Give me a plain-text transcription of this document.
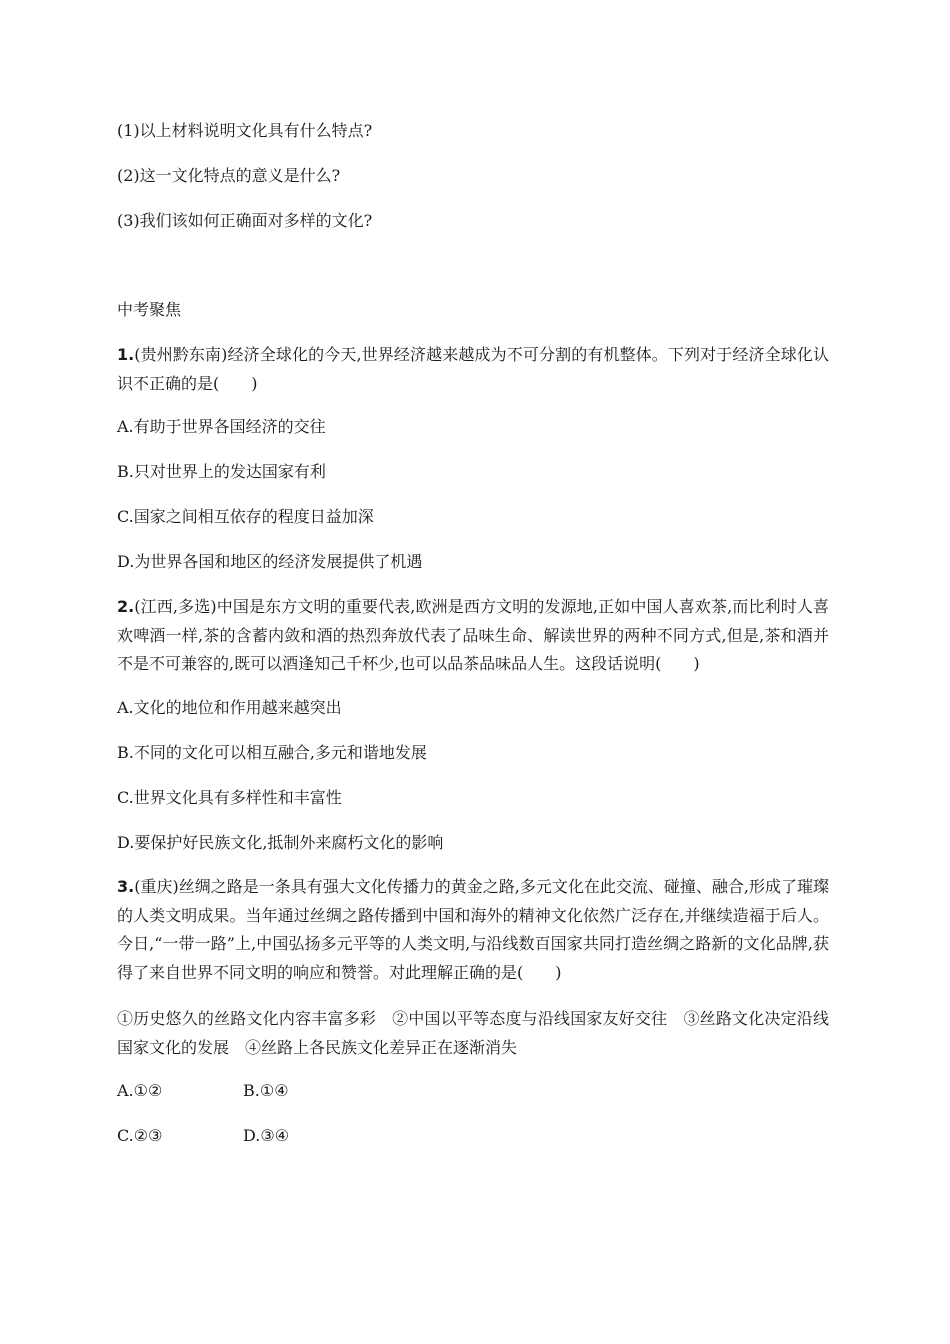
(1)以上材料说明文化具有什么特点?
(2)这一文化特点的意义是什么?
(3)我们该如何正确面对多样的文化?
中考聚焦
1.(贵州黔东南)经济全球化的今天,世界经济越来越成为不可分割的有机整体。下列对于经济全球化认识不正确的是(　　)
A.有助于世界各国经济的交往
B.只对世界上的发达国家有利
C.国家之间相互依存的程度日益加深
D.为世界各国和地区的经济发展提供了机遇
2.(江西,多选)中国是东方文明的重要代表,欧洲是西方文明的发源地,正如中国人喜欢茶,而比利时人喜欢啤酒一样,茶的含蓄内敛和酒的热烈奔放代表了品味生命、解读世界的两种不同方式,但是,茶和酒并不是不可兼容的,既可以酒逢知己千杯少,也可以品茶品味品人生。这段话说明(　　)
A.文化的地位和作用越来越突出
B.不同的文化可以相互融合,多元和谐地发展
C.世界文化具有多样性和丰富性
D.要保护好民族文化,抵制外来腐朽文化的影响
3.(重庆)丝绸之路是一条具有强大文化传播力的黄金之路,多元文化在此交流、碰撞、融合,形成了璀璨的人类文明成果。当年通过丝绸之路传播到中国和海外的精神文化依然广泛存在,并继续造福于后人。今日,“一带一路”上,中国弘扬多元平等的人类文明,与沿线数百国家共同打造丝绸之路新的文化品牌,获得了来自世界不同文明的响应和赞誉。对此理解正确的是(　　)
①历史悠久的丝路文化内容丰富多彩　②中国以平等态度与沿线国家友好交往　③丝路文化决定沿线国家文化的发展　④丝路上各民族文化差异正在逐渐消失
A.①②	B.①④
C.②③	D.③④
